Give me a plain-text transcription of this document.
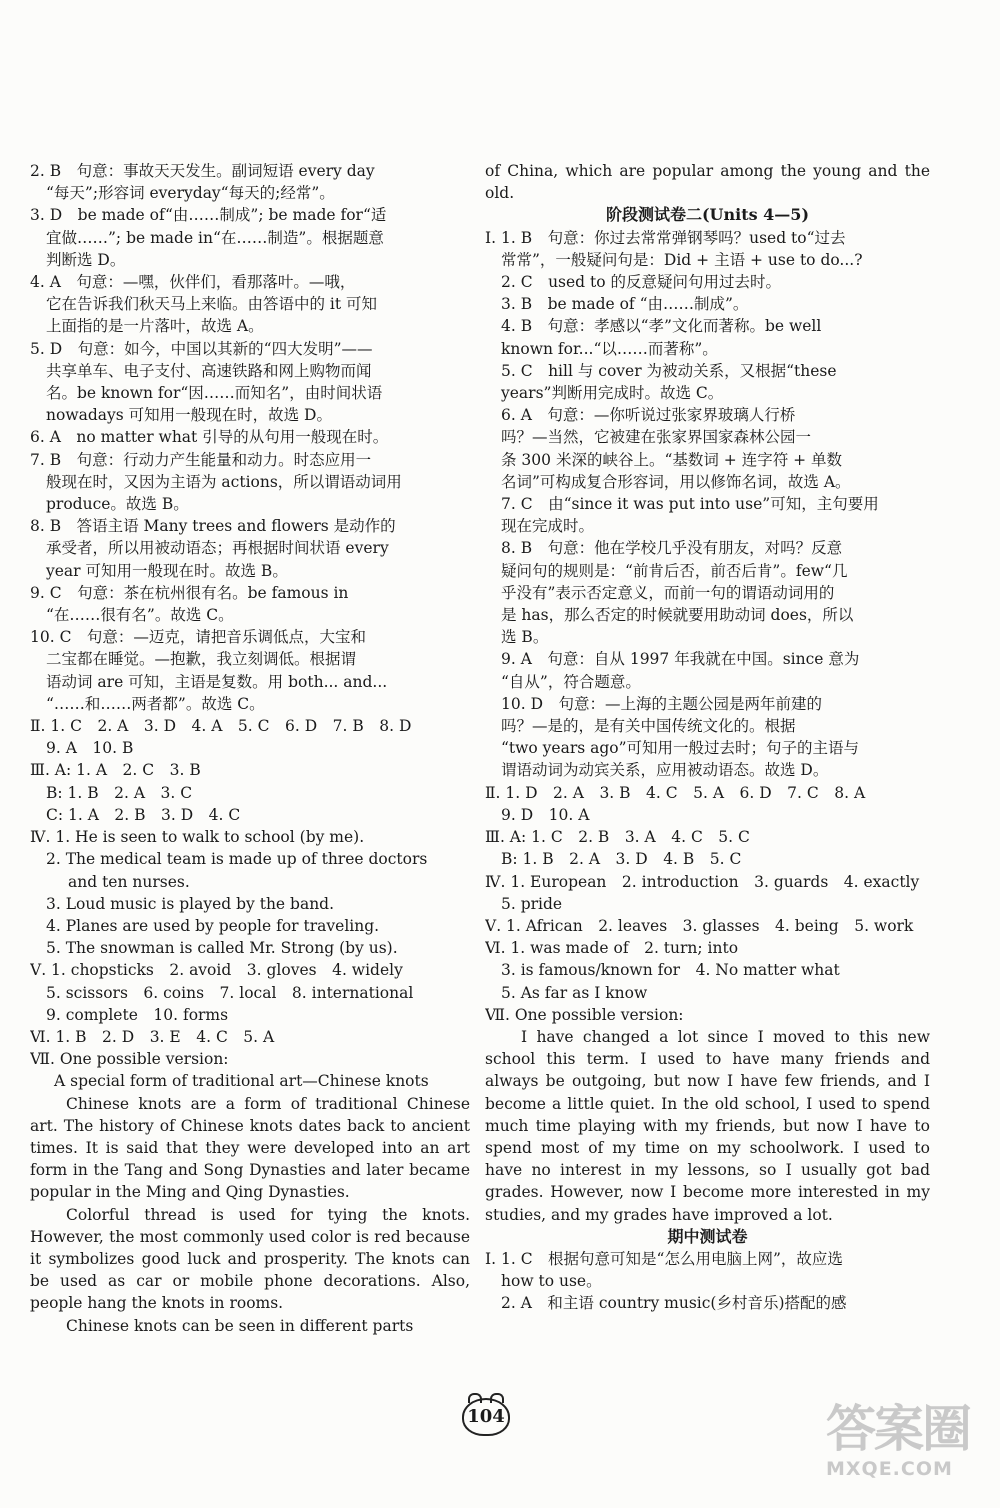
2. B　句意：事故天天发生。副词短语 every day
“每天”;形容词 everyday“每天的;经常”。
3. D　be made of“由……制成”; be made for“适
宜做……”; be made in“在……制造”。根据题意
判断选 D。
4. A　句意：—嘿，伙伴们，看那落叶。—哦，
它在告诉我们秋天马上来临。由答语中的 it 可知
上面指的是一片落叶，故选 A。
5. D　句意：如今，中国以其新的“四大发明”——
共享单车、电子支付、高速铁路和网上购物而闻
名。be known for“因……而知名”，由时间状语
nowadays 可知用一般现在时，故选 D。
6. A　no matter what 引导的从句用一般现在时。
7. B　句意：行动力产生能量和动力。时态应用一
般现在时，又因为主语为 actions，所以谓语动词用
produce。故选 B。
8. B　答语主语 Many trees and flowers 是动作的
承受者，所以用被动语态；再根据时间状语 every
year 可知用一般现在时。故选 B。
9. C　句意：茶在杭州很有名。be famous in
“在……很有名”。故选 C。
10. C　句意：—迈克，请把音乐调低点，大宝和
二宝都在睡觉。—抱歉，我立刻调低。根据谓
语动词 are 可知，主语是复数。用 both... and...
“……和……两者都”。故选 C。
Ⅱ. 1. C　2. A　3. D　4. A　5. C　6. D　7. B　8. D
9. A　10. B
Ⅲ. A: 1. A　2. C　3. B
B: 1. B　2. A　3. C
C: 1. A　2. B　3. D　4. C
Ⅳ. 1. He is seen to walk to school (by me).
2. The medical team is made up of three doctors
and ten nurses.
3. Loud music is played by the band.
4. Planes are used by people for traveling.
5. The snowman is called Mr. Strong (by us).
Ⅴ. 1. chopsticks　2. avoid　3. gloves　4. widely
5. scissors　6. coins　7. local　8. international
9. complete　10. forms
Ⅵ. 1. B　2. D　3. E　4. C　5. A
Ⅶ. One possible version:
A special form of traditional art—Chinese knots
Chinese knots are a form of traditional Chinese art. The history of Chinese knots dates back to ancient times. It is said that they were developed into an art form in the Tang and Song Dynasties and later became popular in the Ming and Qing Dynasties.
Colorful thread is used for tying the knots. However, the most commonly used color is red because it symbolizes good luck and prosperity. The knots can be used as car or mobile phone decorations. Also, people hang the knots in rooms.
Chinese knots can be seen in different parts
of China, which are popular among the young and the old.
阶段测试卷二(Units 4—5)
Ⅰ. 1. B　句意：你过去常常弹钢琴吗？used to“过去
常常”，一般疑问句是：Did + 主语 + use to do...?
2. C　used to 的反意疑问句用过去时。
3. B　be made of “由……制成”。
4. B　句意：孝感以“孝”文化而著称。be well
known for...“以……而著称”。
5. C　hill 与 cover 为被动关系，又根据“these
years”判断用完成时。故选 C。
6. A　句意：—你听说过张家界玻璃人行桥
吗？—当然，它被建在张家界国家森林公园一
条 300 米深的峡谷上。“基数词 + 连字符 + 单数
名词”可构成复合形容词，用以修饰名词，故选 A。
7. C　由“since it was put into use”可知，主句要用
现在完成时。
8. B　句意：他在学校几乎没有朋友，对吗？反意
疑问句的规则是：“前肯后否，前否后肯”。few“几
乎没有”表示否定意义，而前一句的谓语动词用的
是 has，那么否定的时候就要用助动词 does，所以
选 B。
9. A　句意：自从 1997 年我就在中国。since 意为
“自从”，符合题意。
10. D　句意：—上海的主题公园是两年前建的
吗？—是的，是有关中国传统文化的。根据
“two years ago”可知用一般过去时；句子的主语与
谓语动词为动宾关系，应用被动语态。故选 D。
Ⅱ. 1. D　2. A　3. B　4. C　5. A　6. D　7. C　8. A
9. D　10. A
Ⅲ. A: 1. C　2. B　3. A　4. C　5. C
B: 1. B　2. A　3. D　4. B　5. C
Ⅳ. 1. European　2. introduction　3. guards　4. exactly
5. pride
Ⅴ. 1. African　2. leaves　3. glasses　4. being　5. work
Ⅵ. 1. was made of　2. turn; into
3. is famous/known for　4. No matter what
5. As far as I know
Ⅶ. One possible version:
I have changed a lot since I moved to this new school this term. I used to have many friends and always be outgoing, but now I have few friends, and I become a little quiet. In the old school, I used to spend much time playing with my friends, but now I have to spend most of my time on my schoolwork. I used to have no interest in my lessons, so I usually got bad grades. However, now I become more interested in my studies, and my grades have improved a lot.
期中测试卷
Ⅰ. 1. C　根据句意可知是“怎么用电脑上网”，故应选
how to use。
2. A　和主语 country music(乡村音乐)搭配的感
104	答案圈
MXQE.COM
